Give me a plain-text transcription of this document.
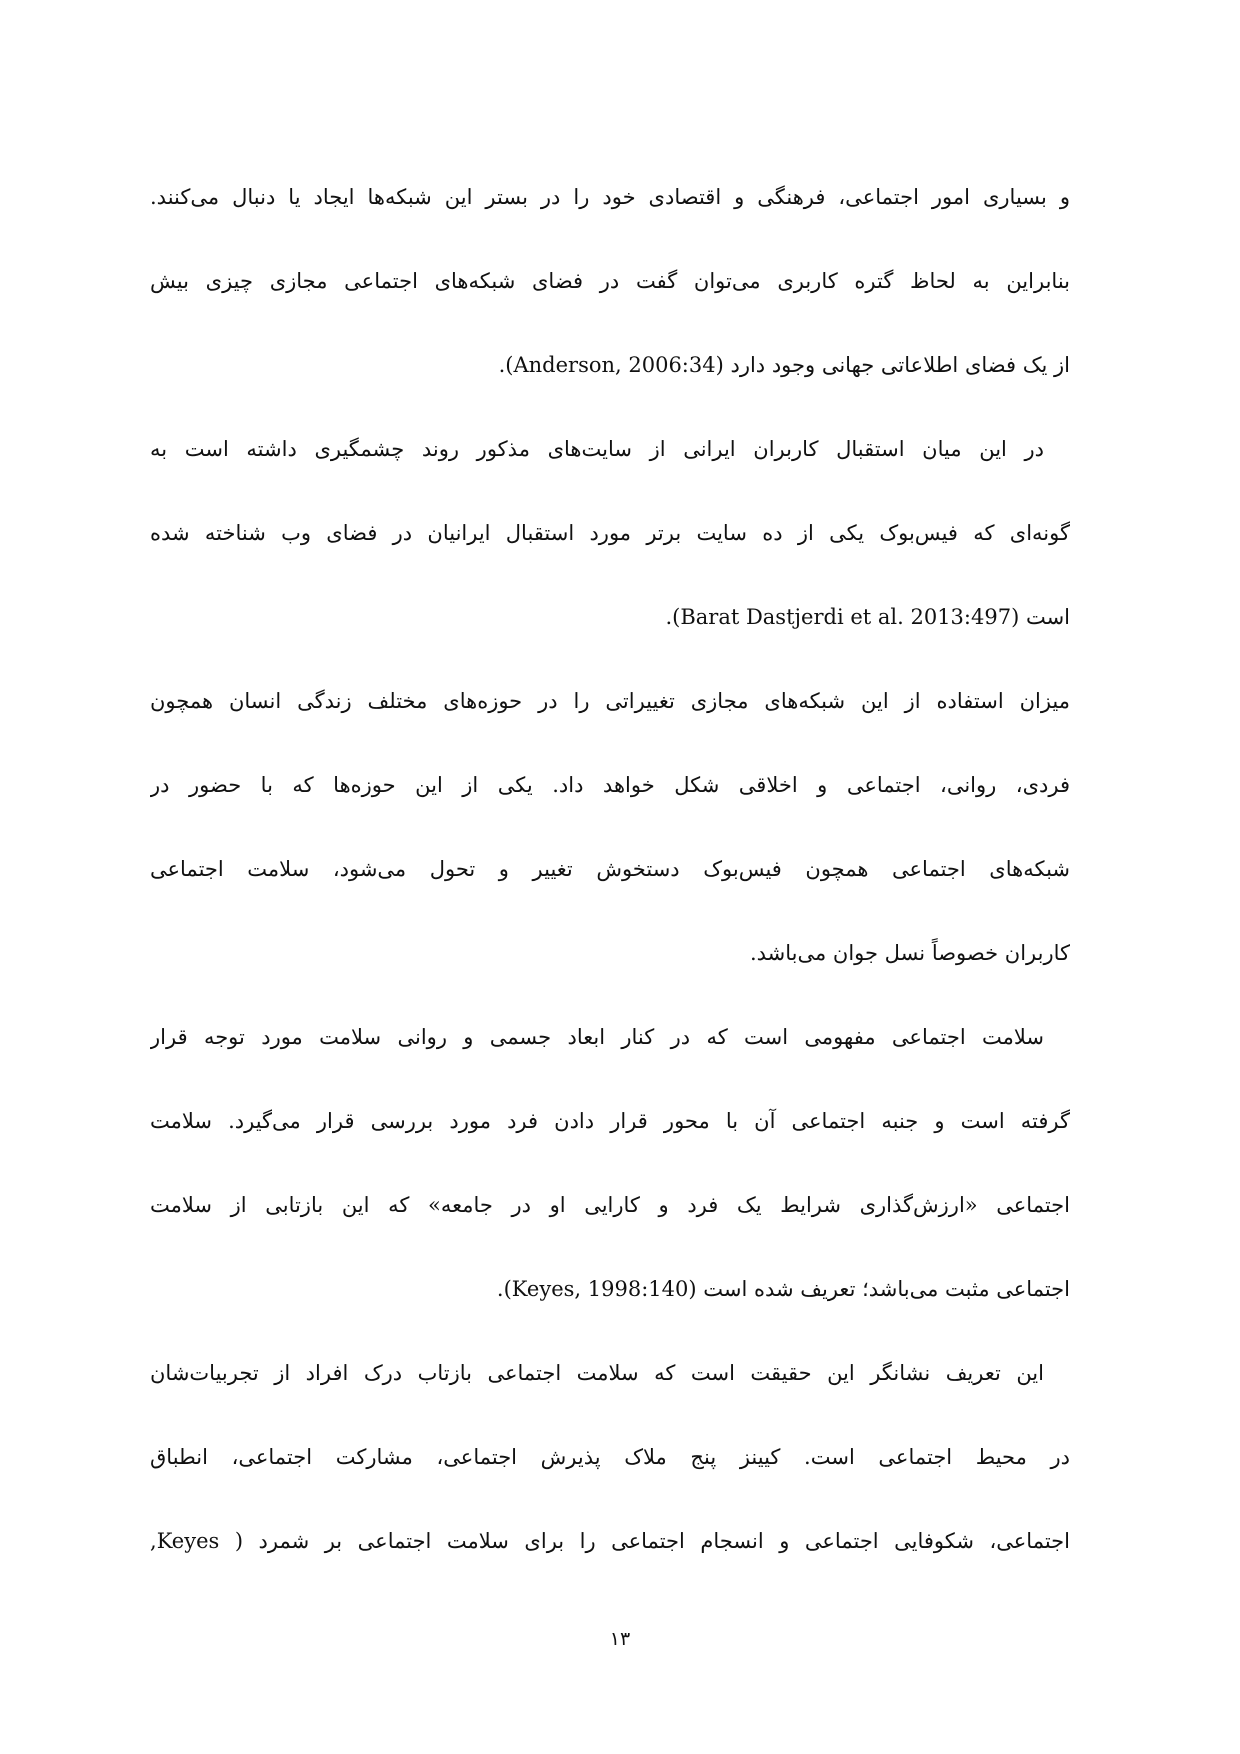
و بسیاری امور اجتماعی، فرهنگی و اقتصادی خود را در بستر این شبکه‌ها ایجاد یا دنبال می‌کنند.
بنابراین به لحاظ گتره کاربری می‌توان گفت در فضای شبکه‌های اجتماعی مجازی چیزی بیش
از یک فضای اطلاعاتی جهانی وجود دارد (Anderson, 2006:34).
در این میان استقبال کاربران ایرانی از سایت‌های مذکور روند چشمگیری داشته است به
گونه‌ای که فیس‌بوک یکی از ده سایت برتر مورد استقبال ایرانیان در فضای وب شناخته شده
است (Barat Dastjerdi et al. 2013:497).
میزان استفاده از این شبکه‌های مجازی تغییراتی را در حوزه‌های مختلف زندگی انسان همچون
فردی، روانی، اجتماعی و اخلاقی شکل خواهد داد. یکی از این حوزه‌ها که با حضور در
شبکه‌های اجتماعی همچون فیس‌بوک دستخوش تغییر و تحول می‌شود، سلامت اجتماعی
کاربران خصوصاً نسل جوان می‌باشد.
سلامت اجتماعی مفهومی است که در کنار ابعاد جسمی و روانی سلامت مورد توجه قرار
گرفته است و جنبه اجتماعی آن با محور قرار دادن فرد مورد بررسی قرار می‌گیرد. سلامت
اجتماعی «ارزش‌گذاری شرایط یک فرد و کارایی او در جامعه» که این بازتابی از سلامت
اجتماعی مثبت می‌باشد؛ تعریف شده است (Keyes, 1998:140).
این تعریف نشانگر این حقیقت است که سلامت اجتماعی بازتاب درک افراد از تجربیات‌شان
در محیط اجتماعی است. کیینز پنج ملاک پذیرش اجتماعی، مشارکت اجتماعی، انطباق
اجتماعی، شکوفایی اجتماعی و انسجام اجتماعی را برای سلامت اجتماعی بر شمرد ( Keyes,
۱۳
